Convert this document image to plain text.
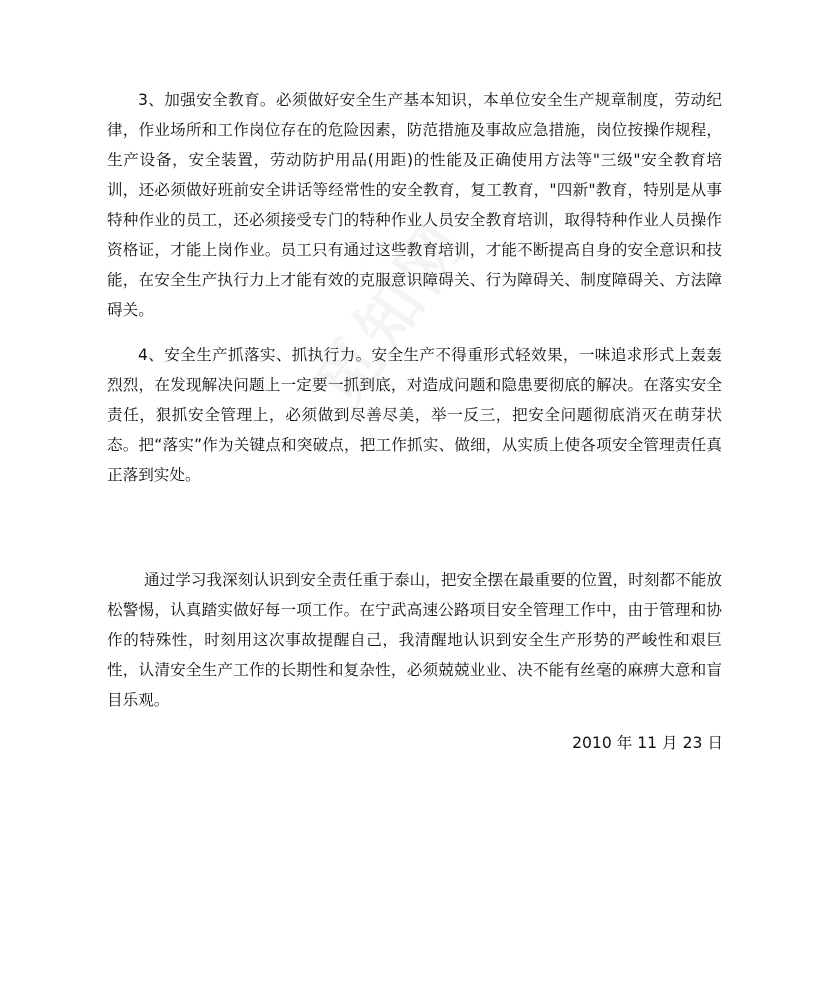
3、加强安全教育。必须做好安全生产基本知识，本单位安全生产规章制度，劳动纪律，作业场所和工作岗位存在的危险因素，防范措施及事故应急措施，岗位按操作规程，生产设备，安全装置，劳动防护用品(用距)的性能及正确使用方法等"三级"安全教育培训，还必须做好班前安全讲话等经常性的安全教育，复工教育，"四新"教育，特别是从事特种作业的员工，还必须接受专门的特种作业人员安全教育培训，取得特种作业人员操作资格证，才能上岗作业。员工只有通过这些教育培训，才能不断提高自身的安全意识和技能，在安全生产执行力上才能有效的克服意识障碍关、行为障碍关、制度障碍关、方法障碍关。

4、安全生产抓落实、抓执行力。安全生产不得重形式轻效果，一味追求形式上轰轰烈烈，在发现解决问题上一定要一抓到底，对造成问题和隐患要彻底的解决。在落实安全责任，狠抓安全管理上，必须做到尽善尽美，举一反三，把安全问题彻底消灭在萌芽状态。把“落实”作为关键点和突破点，把工作抓实、做细，从实质上使各项安全管理责任真正落到实处。

通过学习我深刻认识到安全责任重于泰山，把安全摆在最重要的位置，时刻都不能放松警惕，认真踏实做好每一项工作。在宁武高速公路项目安全管理工作中，由于管理和协作的特殊性，时刻用这次事故提醒自己，我清醒地认识到安全生产形势的严峻性和艰巨性，认清安全生产工作的长期性和复杂性，必须兢兢业业、决不能有丝毫的麻痹大意和盲目乐观。

2010 年 11 月 23 日
